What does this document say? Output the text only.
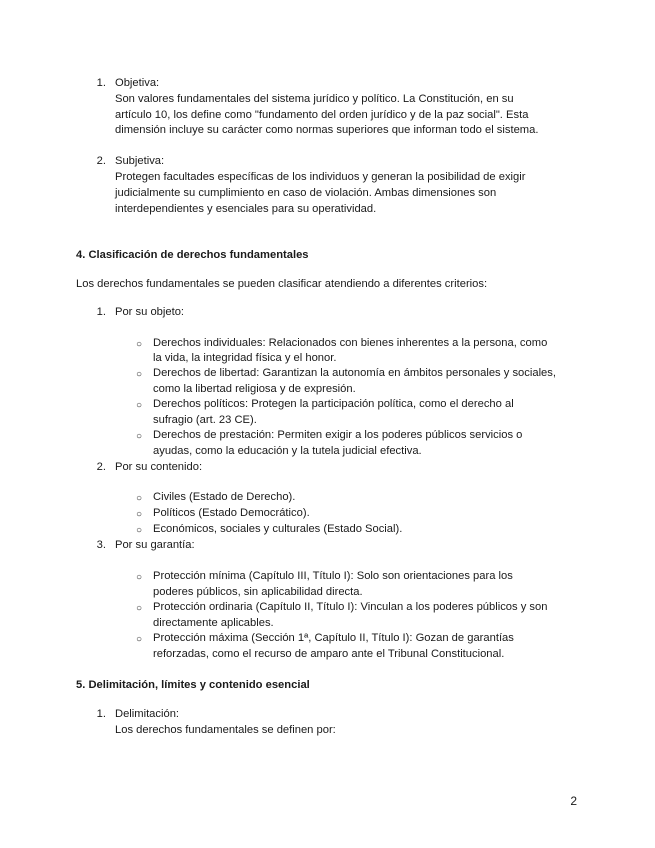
1. Objetiva:
Son valores fundamentales del sistema jurídico y político. La Constitución, en su
artículo 10, los define como "fundamento del orden jurídico y de la paz social". Esta
dimensión incluye su carácter como normas superiores que informan todo el sistema.
2. Subjetiva:
Protegen facultades específicas de los individuos y generan la posibilidad de exigir
judicialmente su cumplimiento en caso de violación. Ambas dimensiones son
interdependientes y esenciales para su operatividad.
4. Clasificación de derechos fundamentales
Los derechos fundamentales se pueden clasificar atendiendo a diferentes criterios:
1. Por su objeto:
○ Derechos individuales: Relacionados con bienes inherentes a la persona, como
la vida, la integridad física y el honor.
○ Derechos de libertad: Garantizan la autonomía en ámbitos personales y sociales,
como la libertad religiosa y de expresión.
○ Derechos políticos: Protegen la participación política, como el derecho al
sufragio (art. 23 CE).
○ Derechos de prestación: Permiten exigir a los poderes públicos servicios o
ayudas, como la educación y la tutela judicial efectiva.
2. Por su contenido:
○ Civiles (Estado de Derecho).
○ Políticos (Estado Democrático).
○ Económicos, sociales y culturales (Estado Social).
3. Por su garantía:
○ Protección mínima (Capítulo III, Título I): Solo son orientaciones para los
poderes públicos, sin aplicabilidad directa.
○ Protección ordinaria (Capítulo II, Título I): Vinculan a los poderes públicos y son
directamente aplicables.
○ Protección máxima (Sección 1ª, Capítulo II, Título I): Gozan de garantías
reforzadas, como el recurso de amparo ante el Tribunal Constitucional.
5. Delimitación, límites y contenido esencial
1. Delimitación:
Los derechos fundamentales se definen por:
2
